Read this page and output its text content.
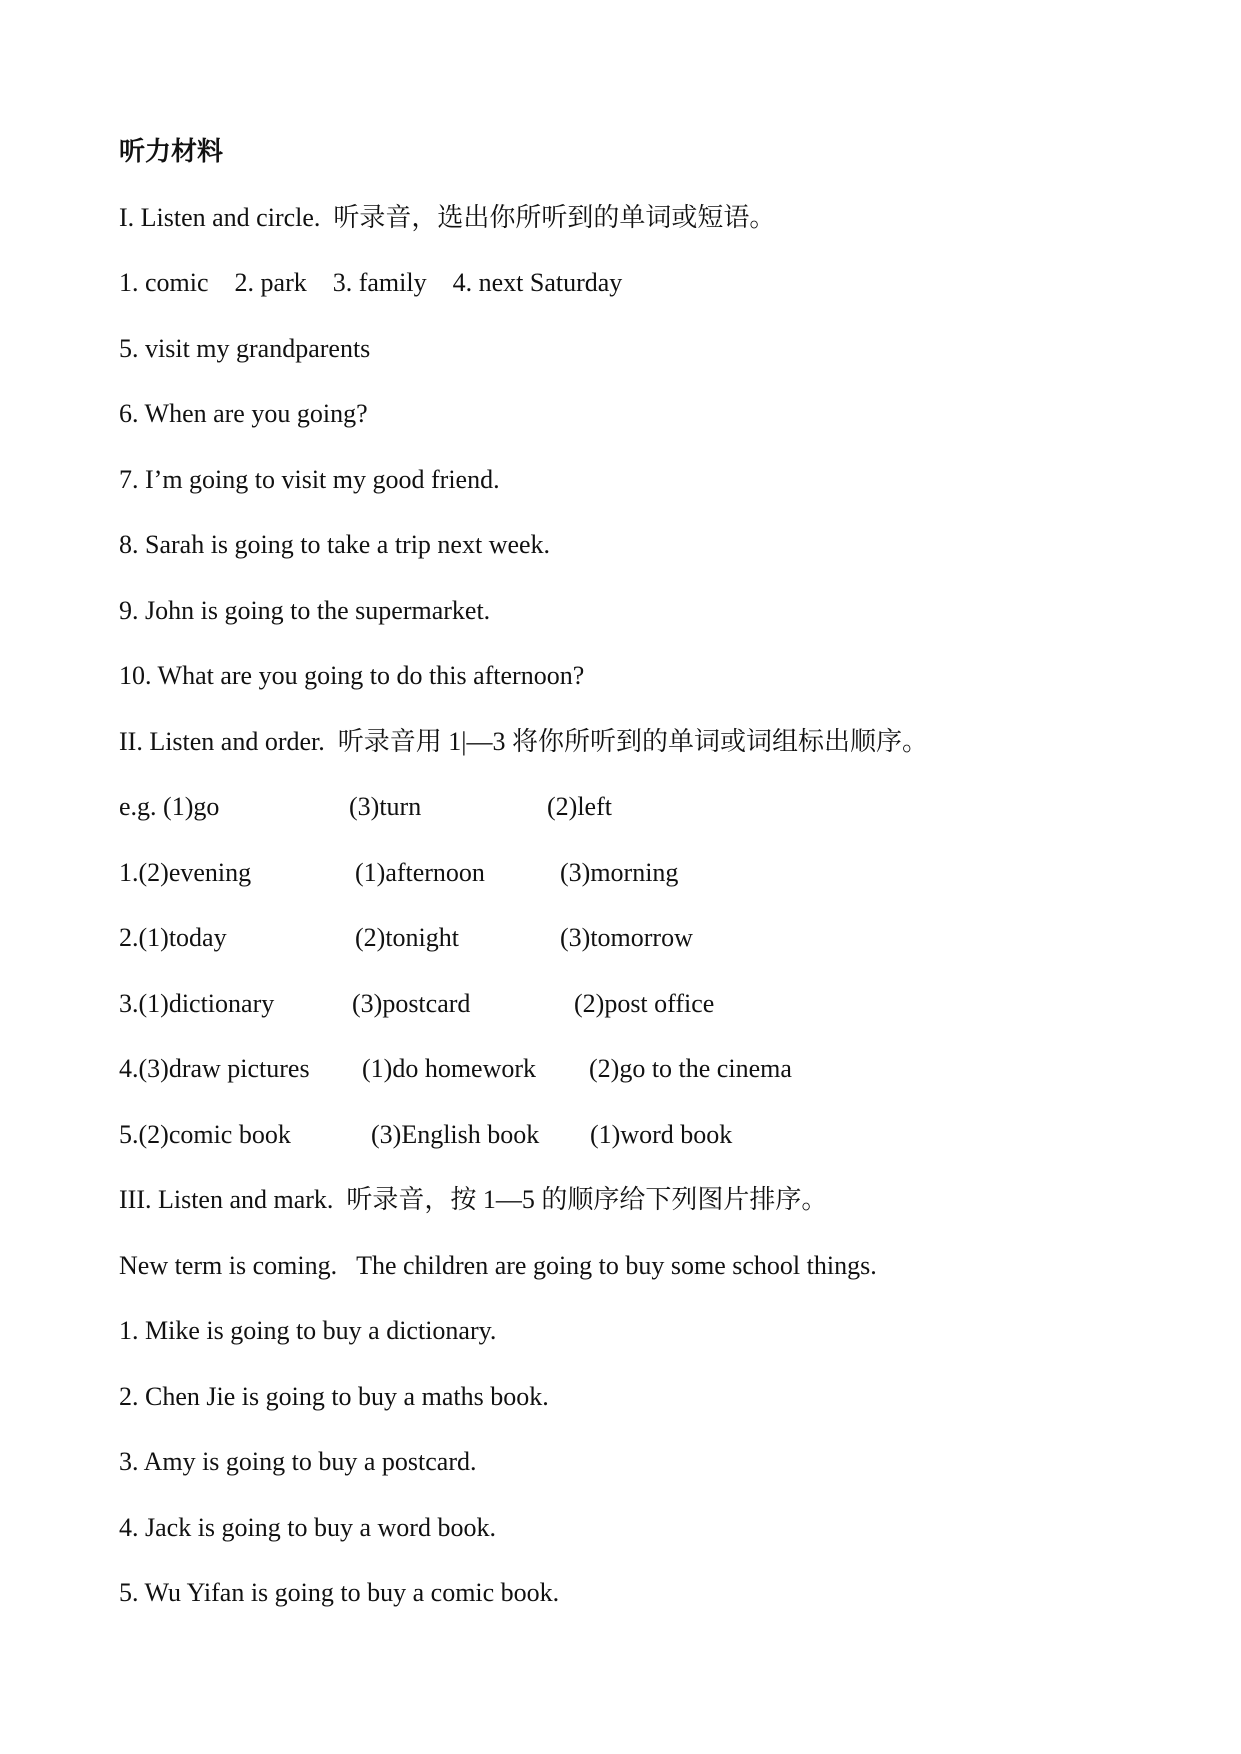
听力材料
I. Listen and circle.  听录音，选出你所听到的单词或短语。
1. comic    2. park    3. family    4. next Saturday
5. visit my grandparents
6. When are you going?
7. I’m going to visit my good friend.
8. Sarah is going to take a trip next week.
9. John is going to the supermarket.
10. What are you going to do this afternoon?
II. Listen and order.  听录音用 1|—3 将你所听到的单词或词组标出顺序。
e.g. (1)go	(3)turn	(2)left
1.(2)evening	(1)afternoon	(3)morning
2.(1)today	(2)tonight	(3)tomorrow
3.(1)dictionary	(3)postcard	(2)post office
4.(3)draw pictures	(1)do homework	(2)go to the cinema
5.(2)comic book	(3)English book	(1)word book
III. Listen and mark.  听录音，按 1—5 的顺序给下列图片排序。
New term is coming.   The children are going to buy some school things.
1. Mike is going to buy a dictionary.
2. Chen Jie is going to buy a maths book.
3. Amy is going to buy a postcard.
4. Jack is going to buy a word book.
5. Wu Yifan is going to buy a comic book.
